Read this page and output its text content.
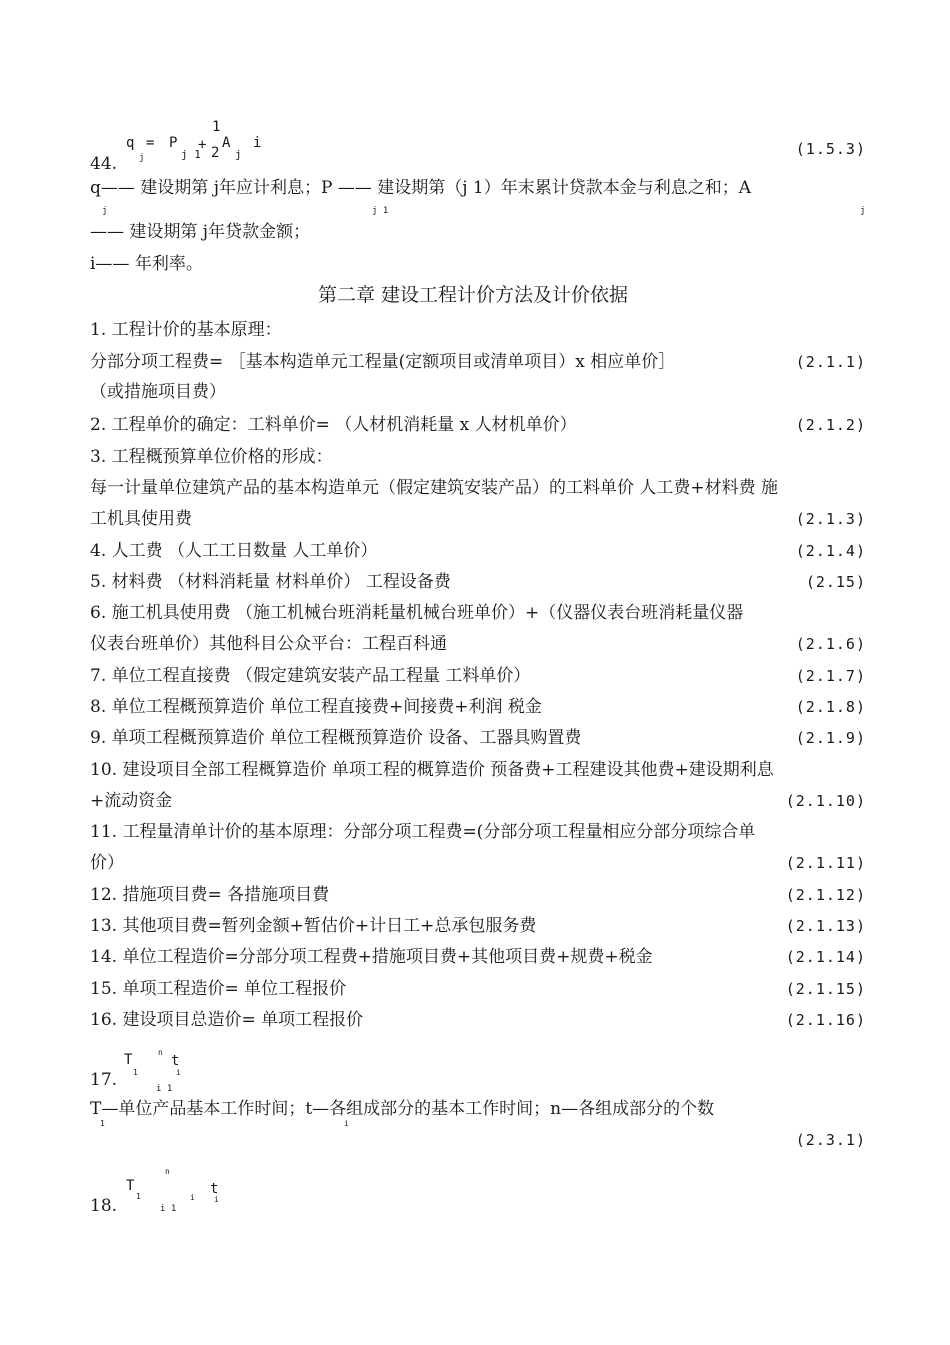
44.
q
j
= P
j 1
+
1
2
A
j
i	(1.5.3)
q—— 建设期第 j年应计利息；P —— 建设期第（j 1）年末累计贷款本金与利息之和；A
j	j 1	j
—— 建设期第 j年贷款金额；
i—— 年利率。
第二章 建设工程计价方法及计价依据
1. 工程计价的基本原理：
分部分项工程费= ［基本构造单元工程量(定额项目或清单项目）x 相应单价］	(2.1.1)
（或措施项目费）
2. 工程单价的确定：工料单价= （人材机消耗量 x 人材机单价）	(2.1.2)
3. 工程概预算单位价格的形成：
每一计量单位建筑产品的基本构造单元（假定建筑安装产品）的工料单价 人工费+材料费 施
工机具使用费	(2.1.3)
4. 人工费 （人工工日数量 人工单价）	(2.1.4)
5. 材料费 （材料消耗量 材料单价） 工程设备费	(2.15)
6. 施工机具使用费 （施工机械台班消耗量机械台班单价）+（仪器仪表台班消耗量仪器
仪表台班单价）其他科目公众平台：工程百科通	(2.1.6)
7. 单位工程直接费 （假定建筑安装产品工程量 工料单价）	(2.1.7)
8. 单位工程概预算造价 单位工程直接费+间接费+利润 税金	(2.1.8)
9. 单项工程概预算造价 单位工程概预算造价 设备、工器具购置费	(2.1.9)
10. 建设项目全部工程概算造价 单项工程的概算造价 预备费+工程建设其他费+建设期利息
+流动资金	(2.1.10)
11. 工程量清单计价的基本原理：分部分项工程费=(分部分项工程量相应分部分项综合单
价）	(2.1.11)
12. 措施项目费= 各措施项目費	(2.1.12)
13. 其他项目费=暂列金额+暂估价+计日工+总承包服务费	(2.1.13)
14. 单位工程造价=分部分项工程费+措施项目费+其他项目费+规费+税金	(2.1.14)
15. 单项工程造价= 单位工程报价	(2.1.15)
16. 建设项目总造价= 单项工程报价	(2.1.16)
17.
T
1
n
t
i
i 1
T—单位产品基本工作时间；t—各组成部分的基本工作时间；n—各组成部分的个数
1	i
(2.3.1)
18.
T
1
n
i 1
i
t
i
